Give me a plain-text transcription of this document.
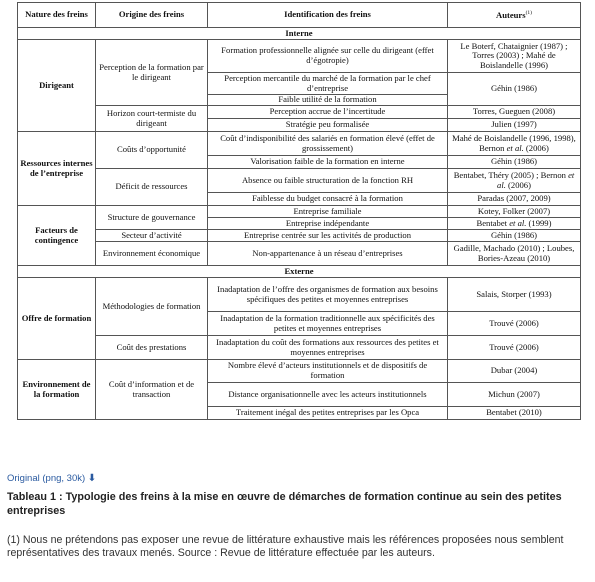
Nature des freins	Origine des freins	Identification des freins	Auteurs$^{(1)}$
Interne			
Dirigeant	Perception de la formation par le dirigeant	Formation professionnelle alignée sur celle du dirigeant (effet d’égotropie)	Le Boterf, Chataignier (1987) ; Torres (2003) ; Mahé de Boislandelle (1996)
		Perception mercantile du marché de la formation par le chef d’entreprise	Géhin (1986)
		Faible utilité de la formation	
	Horizon court-termiste du dirigeant	Perception accrue de l’incertitude	Torres, Gueguen (2008)
		Stratégie peu formalisée	Julien (1997)
Ressources internes de l’entreprise	Coûts d’opportunité	Coût d’indisponibilité des salariés en formation élevé (effet de grossissement)	Mahé de Boislandelle (1996, 1998), Bernon et al. (2006)
		Valorisation faible de la formation en interne	Géhin (1986)
	Déficit de ressources	Absence ou faible structuration de la fonction RH	Bentabet, Théry (2005) ; Bernon et al. (2006)
		Faiblesse du budget consacré à la formation	Paradas (2007, 2009)
Facteurs de contingence	Structure de gouvernance	Entreprise familiale	Kotey, Folker (2007)
		Entreprise indépendante	Bentabet et al. (1999)
	Secteur d’activité	Entreprise centrée sur les activités de production	Géhin (1986)
	Environnement économique	Non-appartenance à un réseau d’entreprises	Gadille, Machado (2010) ; Loubes, Bories-Azeau (2010)
Externe			
Offre de formation	Méthodologies de formation	Inadaptation de l’offre des organismes de formation aux besoins spécifiques des petites et moyennes entreprises	Salais, Storper (1993)
		Inadaptation de la formation traditionnelle aux spécificités des petites et moyennes entreprises	Trouvé (2006)
	Coût des prestations	Inadaptation du coût des formations aux ressources des petites et moyennes entreprises	Trouvé (2006)
Environnement de la formation	Coût d’information et de transaction	Nombre élevé d’acteurs institutionnels et de dispositifs de formation	Dubar (2004)
		Distance organisationnelle avec les acteurs institutionnels	Michun (2007)
		Traitement inégal des petites entreprises par les Opca	Bentabet (2010)
Original (png, 30k) ⬇
Tableau 1 : Typologie des freins à la mise en œuvre de démarches de formation continue au sein des petites entreprises
(1) Nous ne prétendons pas exposer une revue de littérature exhaustive mais les références proposées nous semblent représentatives des travaux menés. Source : Revue de littérature effectuée par les auteurs.
